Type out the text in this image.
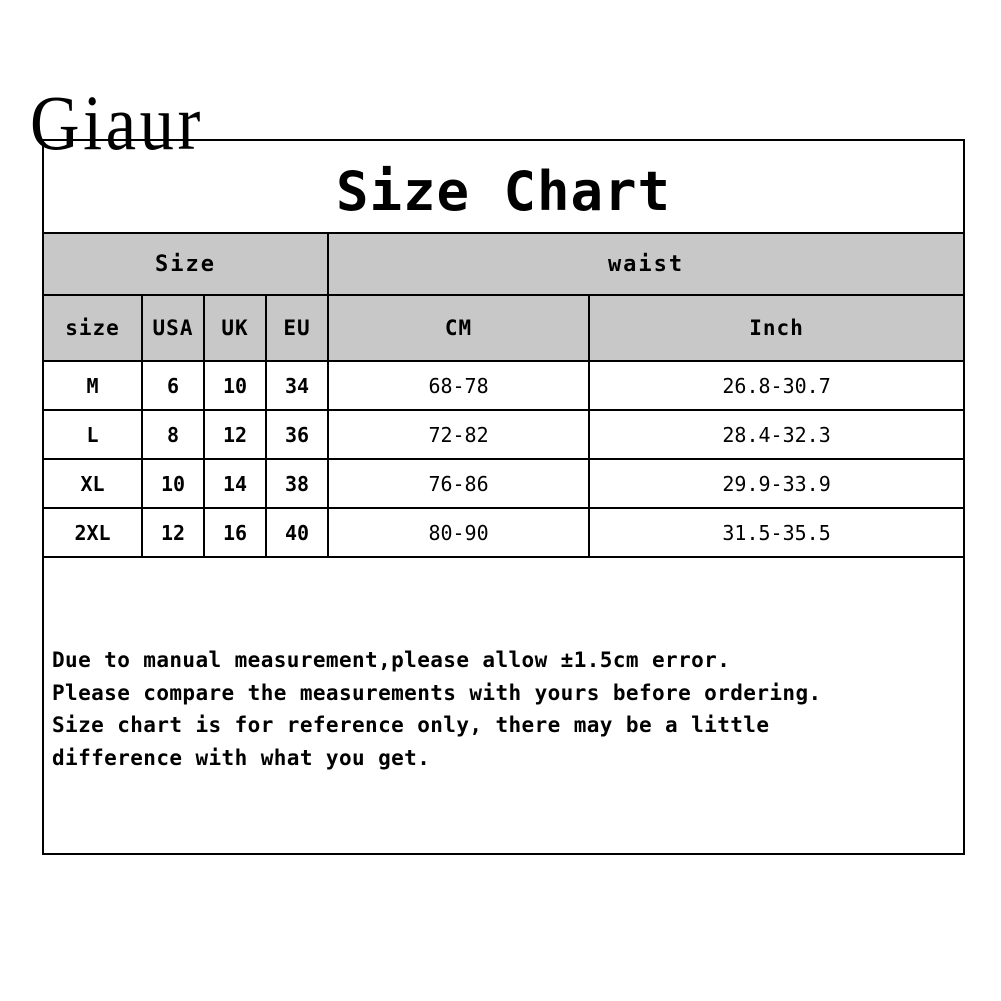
Giaur
Size Chart
Size				waist	
size	USA	UK	EU	CM	Inch
M	6	10	34	68-78	26.8-30.7
L	8	12	36	72-82	28.4-32.3
XL	10	14	38	76-86	29.9-33.9
2XL	12	16	40	80-90	31.5-35.5
Due to manual measurement,please allow ±1.5cm error.
Please compare the measurements with yours before ordering.
Size chart is for reference only, there may be a little
difference with what you get.
